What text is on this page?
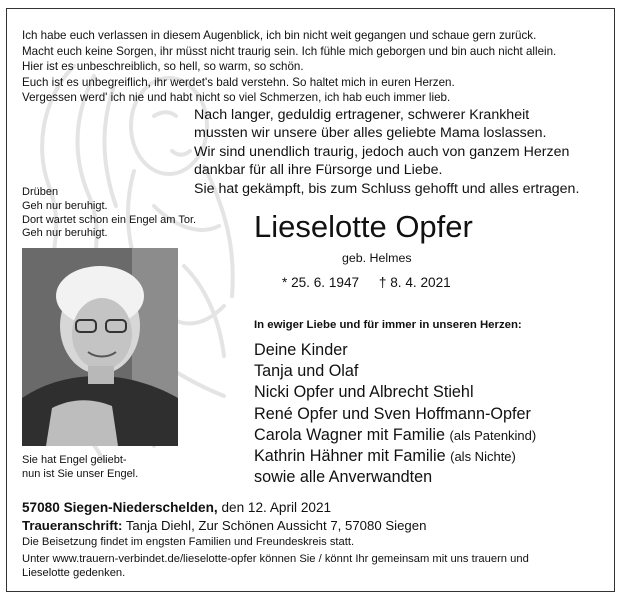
Ich habe euch verlassen in diesem Augenblick, ich bin nicht weit gegangen und schaue gern zurück.
Macht euch keine Sorgen, ihr müsst nicht traurig sein. Ich fühle mich geborgen und bin auch nicht allein.
Hier ist es unbeschreiblich, so hell, so warm, so schön.
Euch ist es unbegreiflich, ihr werdet's bald verstehn. So haltet mich in euren Herzen.
Vergessen werd' ich nie und habt nicht so viel Schmerzen, ich hab euch immer lieb.
Nach langer, geduldig ertragener, schwerer Krankheit
mussten wir unsere über alles geliebte Mama loslassen.
Wir sind unendlich traurig, jedoch auch von ganzem Herzen
dankbar für all ihre Fürsorge und Liebe.
Sie hat gekämpft, bis zum Schluss gehofft und alles ertragen.
Drüben
Geh nur beruhigt.
Dort wartet schon ein Engel am Tor.
Geh nur beruhigt.
Sie hat Engel geliebt-
nun ist Sie unser Engel.
Lieselotte Opfer
geb. Helmes
* 25. 6. 1947 † 8. 4. 2021
In ewiger Liebe und für immer in unseren Herzen:
Deine Kinder
Tanja und Olaf
Nicki Opfer und Albrecht Stiehl
René Opfer und Sven Hoffmann-Opfer
Carola Wagner mit Familie (als Patenkind)
Kathrin Hähner mit Familie (als Nichte)
sowie alle Anverwandten
57080 Siegen-Niederschelden, den 12. April 2021
Traueranschrift: Tanja Diehl, Zur Schönen Aussicht 7, 57080 Siegen
Die Beisetzung findet im engsten Familien und Freundeskreis statt.
Unter www.trauern-verbindet.de/lieselotte-opfer können Sie / könnt Ihr gemeinsam mit uns trauern und
Lieselotte gedenken.
